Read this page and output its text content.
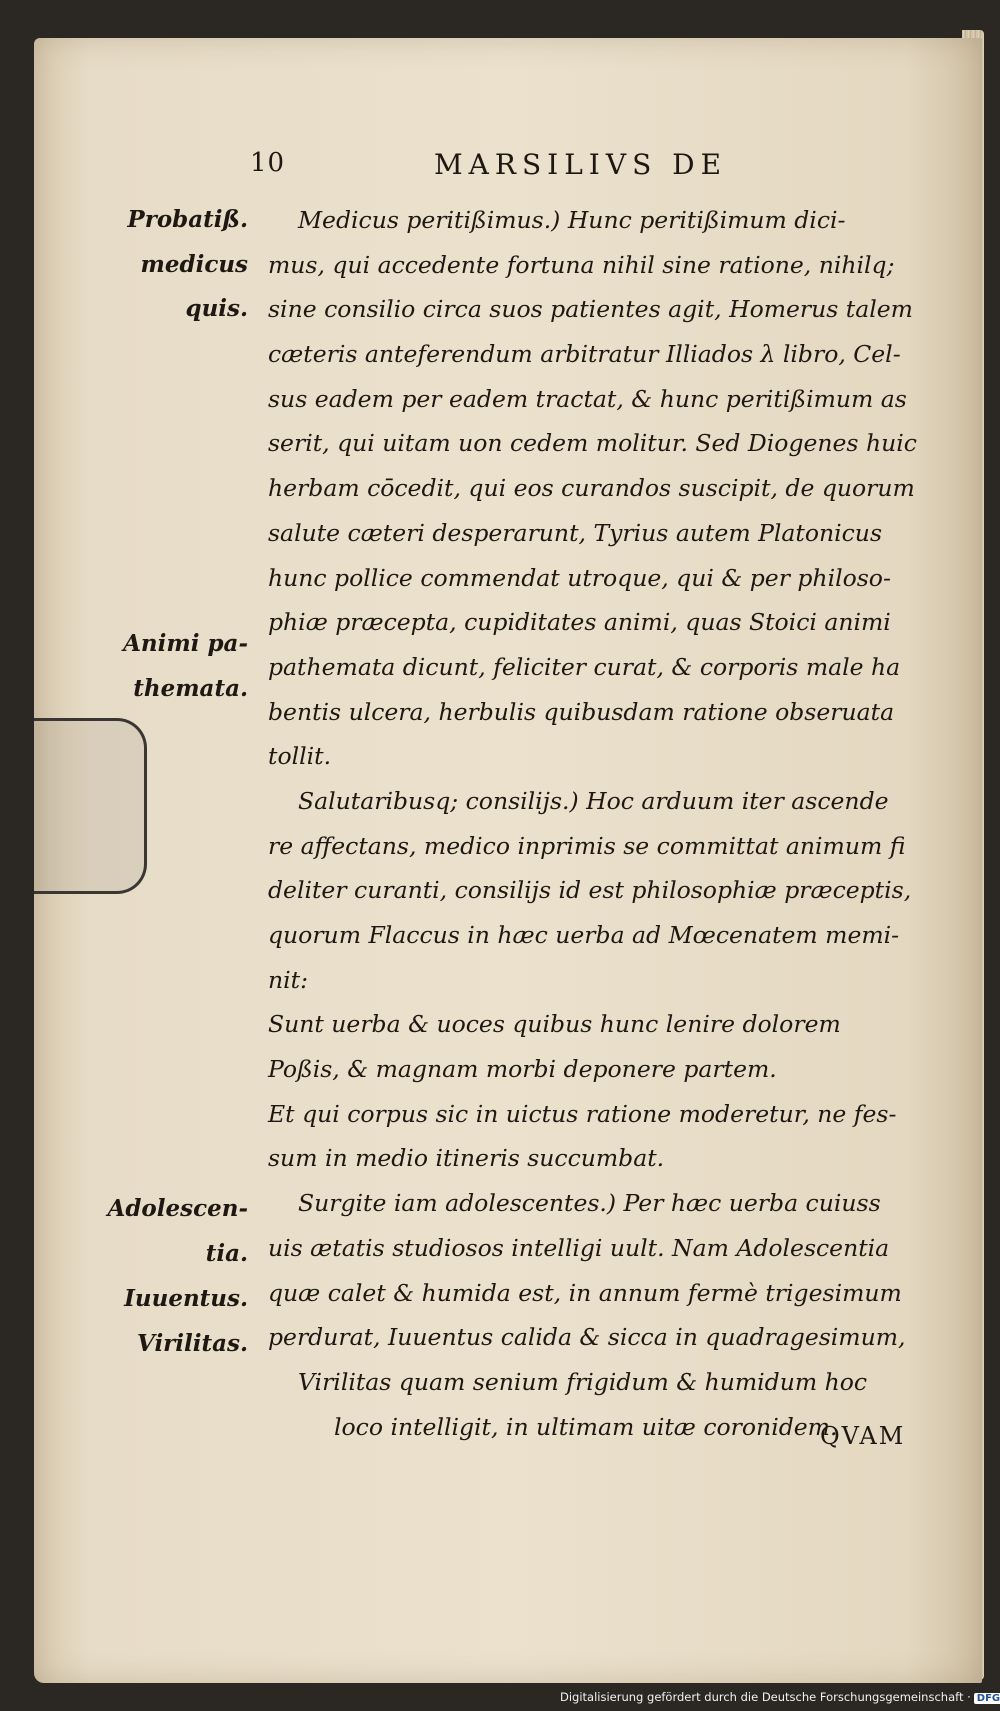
10	MARSILIVS DE
Probatiß.
medicus
quis.
Animi pa-
themata.
Adolescen-
tia.
Iuuentus.
Virilitas.
Medicus peritißimus.) Hunc peritißimum dici-
mus, qui accedente fortuna nihil sine ratione, nihilq;
sine consilio circa suos patientes agit, Homerus talem
cæteris anteferendum arbitratur Illiados λ libro, Cel-
sus eadem per eadem tractat, & hunc peritißimum as
serit, qui uitam uon cedem molitur. Sed Diogenes huic
herbam cōcedit, qui eos curandos suscipit, de quorum
salute cæteri desperarunt, Tyrius autem Platonicus
hunc pollice commendat utroque, qui & per philoso-
phiæ præcepta, cupiditates animi, quas Stoici animi
pathemata dicunt, feliciter curat, & corporis male ha
bentis ulcera, herbulis quibusdam ratione obseruata
tollit.
Salutaribusq; consilijs.) Hoc arduum iter ascende
re affectans, medico inprimis se committat animum fi
deliter curanti, consilijs id est philosophiæ præceptis,
quorum Flaccus in hæc uerba ad Mœcenatem memi-
nit:
Sunt uerba & uoces quibus hunc lenire dolorem
Poßis, & magnam morbi deponere partem.
Et qui corpus sic in uictus ratione moderetur, ne fes-
sum in medio itineris succumbat.
Surgite iam adolescentes.) Per hæc uerba cuiuss
uis ætatis studiosos intelligi uult. Nam Adolescentia
quæ calet & humida est, in annum fermè trigesimum
perdurat, Iuuentus calida & sicca in quadragesimum,
Virilitas quam senium frigidum & humidum hoc
loco intelligit, in ultimam uitæ coronidem.
QVAM
Digitalisierung gefördert durch die Deutsche Forschungsgemeinschaft · DFG
